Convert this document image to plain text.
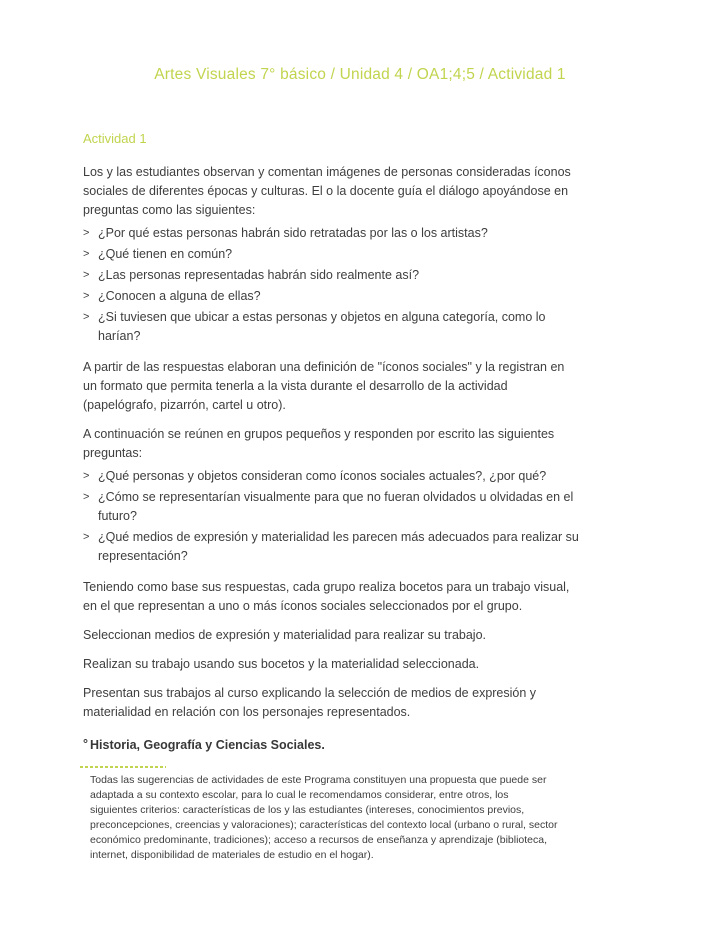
Artes Visuales 7° básico / Unidad 4 / OA1;4;5 / Actividad 1
Actividad 1

Los y las estudiantes observan y comentan imágenes de personas consideradas íconos sociales de diferentes épocas y culturas. El o la docente guía el diálogo apoyándose en preguntas como las siguientes:

> ¿Por qué estas personas habrán sido retratadas por las o los artistas?
> ¿Qué tienen en común?
> ¿Las personas representadas habrán sido realmente así?
> ¿Conocen a alguna de ellas?
> ¿Si tuviesen que ubicar a estas personas y objetos en alguna categoría, como lo harían?

A partir de las respuestas elaboran una definición de "íconos sociales" y la registran en un formato que permita tenerla a la vista durante el desarrollo de la actividad (papelógrafo, pizarrón, cartel u otro).

A continuación se reúnen en grupos pequeños y responden por escrito las siguientes preguntas:

> ¿Qué personas y objetos consideran como íconos sociales actuales?, ¿por qué?
> ¿Cómo se representarían visualmente para que no fueran olvidados u olvidadas en el futuro?
> ¿Qué medios de expresión y materialidad les parecen más adecuados para realizar su representación?

Teniendo como base sus respuestas, cada grupo realiza bocetos para un trabajo visual, en el que representan a uno o más íconos sociales seleccionados por el grupo.

Seleccionan medios de expresión y materialidad para realizar su trabajo.

Realizan su trabajo usando sus bocetos y la materialidad seleccionada.

Presentan sus trabajos al curso explicando la selección de medios de expresión y materialidad en relación con los personajes representados.

° Historia, Geografía y Ciencias Sociales.
Todas las sugerencias de actividades de este Programa constituyen una propuesta que puede ser adaptada a su contexto escolar, para lo cual le recomendamos considerar, entre otros, los siguientes criterios: características de los y las estudiantes (intereses, conocimientos previos, preconcepciones, creencias y valoraciones); características del contexto local (urbano o rural, sector económico predominante, tradiciones); acceso a recursos de enseñanza y aprendizaje (biblioteca, internet, disponibilidad de materiales de estudio en el hogar).
